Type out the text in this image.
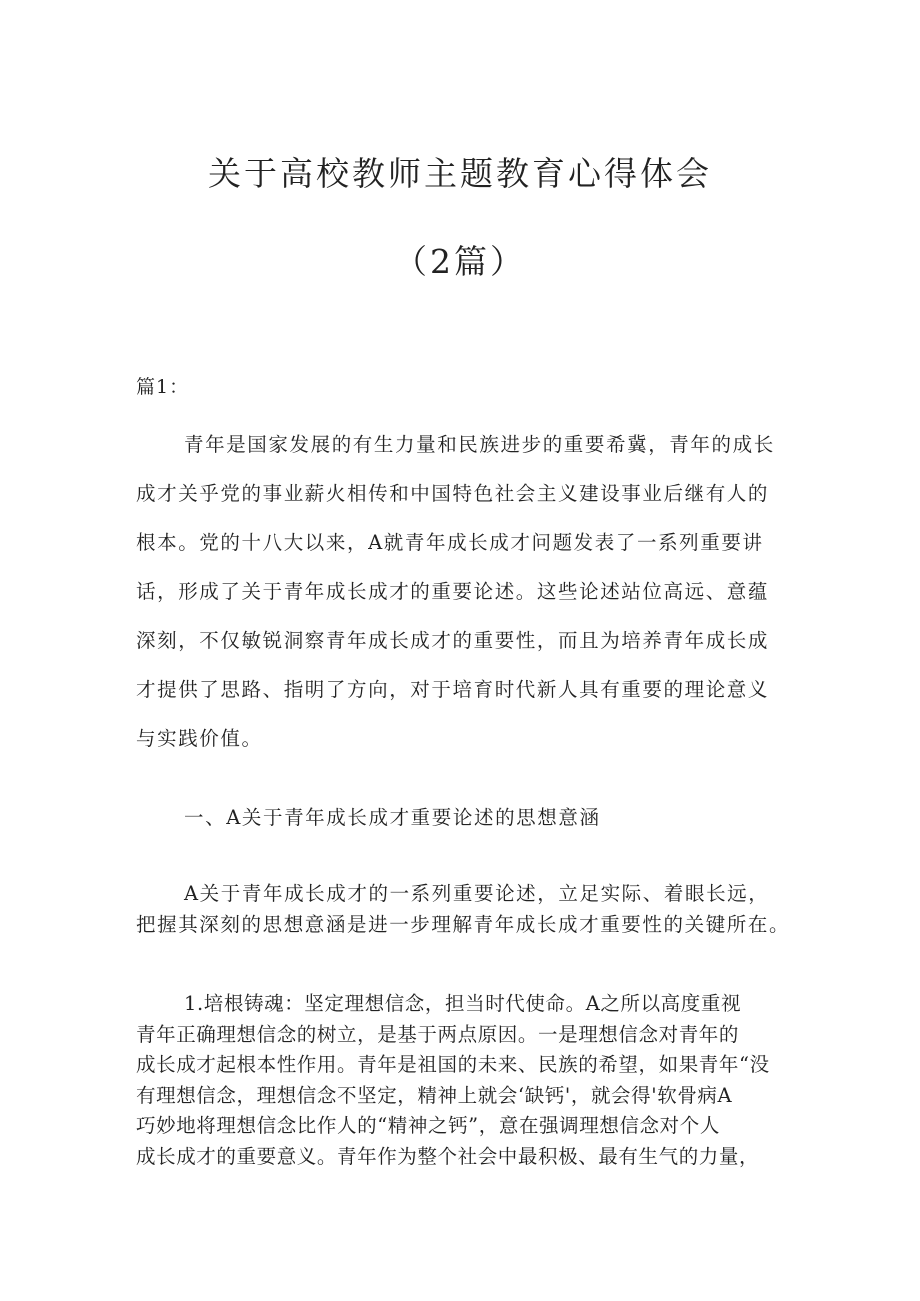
关于高校教师主题教育心得体会
（2篇）
篇1：
青年是国家发展的有生力量和民族进步的重要希冀，青年的成长
成才关乎党的事业薪火相传和中国特色社会主义建设事业后继有人的
根本。党的十八大以来，A就青年成长成才问题发表了一系列重要讲
话，形成了关于青年成长成才的重要论述。这些论述站位高远、意蕴
深刻，不仅敏锐洞察青年成长成才的重要性，而且为培养青年成长成
才提供了思路、指明了方向，对于培育时代新人具有重要的理论意义
与实践价值。
一、A关于青年成长成才重要论述的思想意涵
A关于青年成长成才的一系列重要论述，立足实际、着眼长远，
把握其深刻的思想意涵是进一步理解青年成长成才重要性的关键所在。
1.培根铸魂：坚定理想信念，担当时代使命。A之所以高度重视
青年正确理想信念的树立，是基于两点原因。一是理想信念对青年的
成长成才起根本性作用。青年是祖国的未来、民族的希望，如果青年“没
有理想信念，理想信念不坚定，精神上就会‘缺钙'，就会得'软骨病A
巧妙地将理想信念比作人的“精神之钙”，意在强调理想信念对个人
成长成才的重要意义。青年作为整个社会中最积极、最有生气的力量，
